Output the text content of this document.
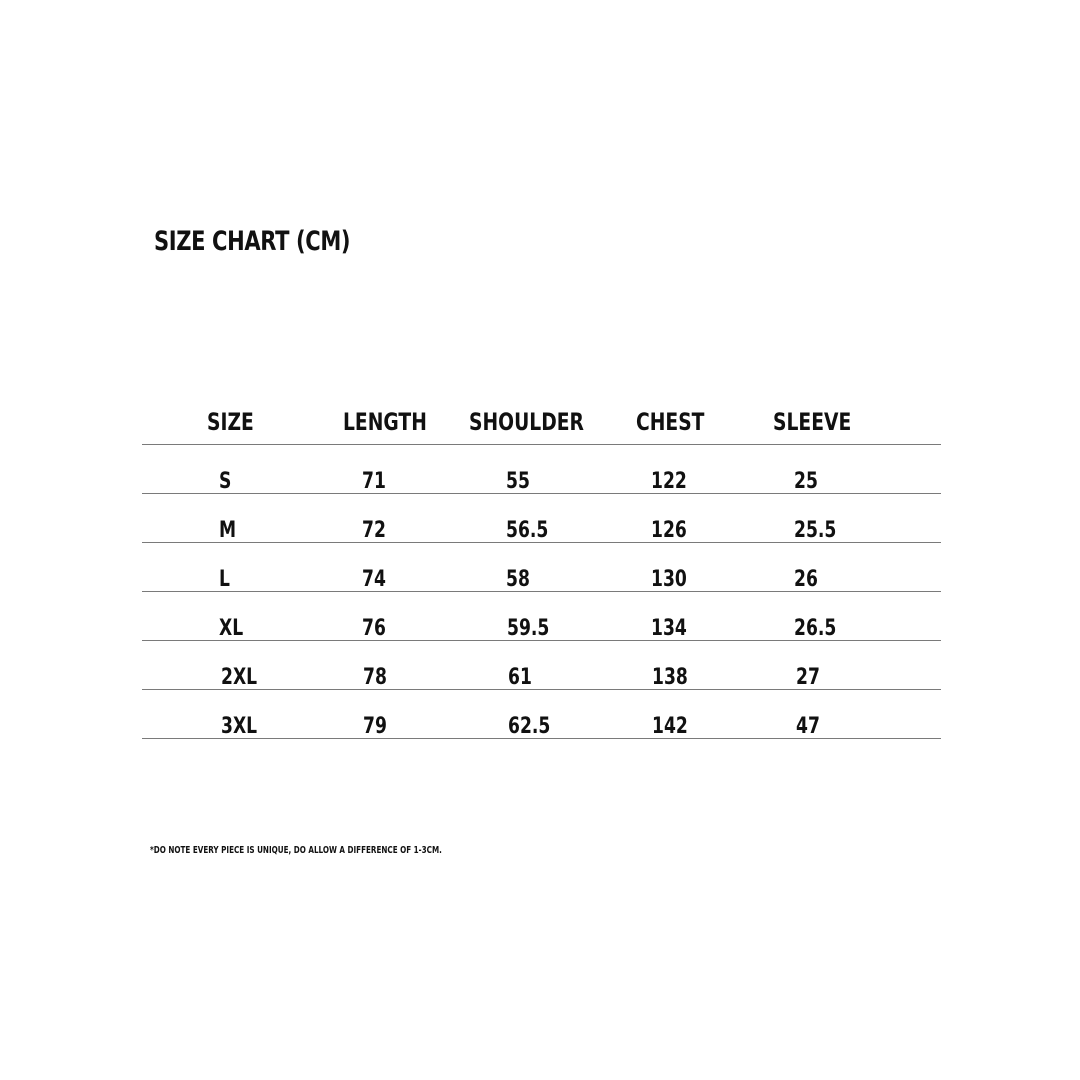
SIZE CHART (CM)
SIZE	LENGTH SHOULDER CHEST	SLEEVE
S	71	55	122	25
M	72	56.5	126	25.5
L	74	58	130	26
XL	76	59.5	134	26.5
2XL	78	61	138	27
3XL	79	62.5	142	47

*DO NOTE EVERY PIECE IS UNIQUE, DO ALLOW A DIFFERENCE OF 1-3CM.
